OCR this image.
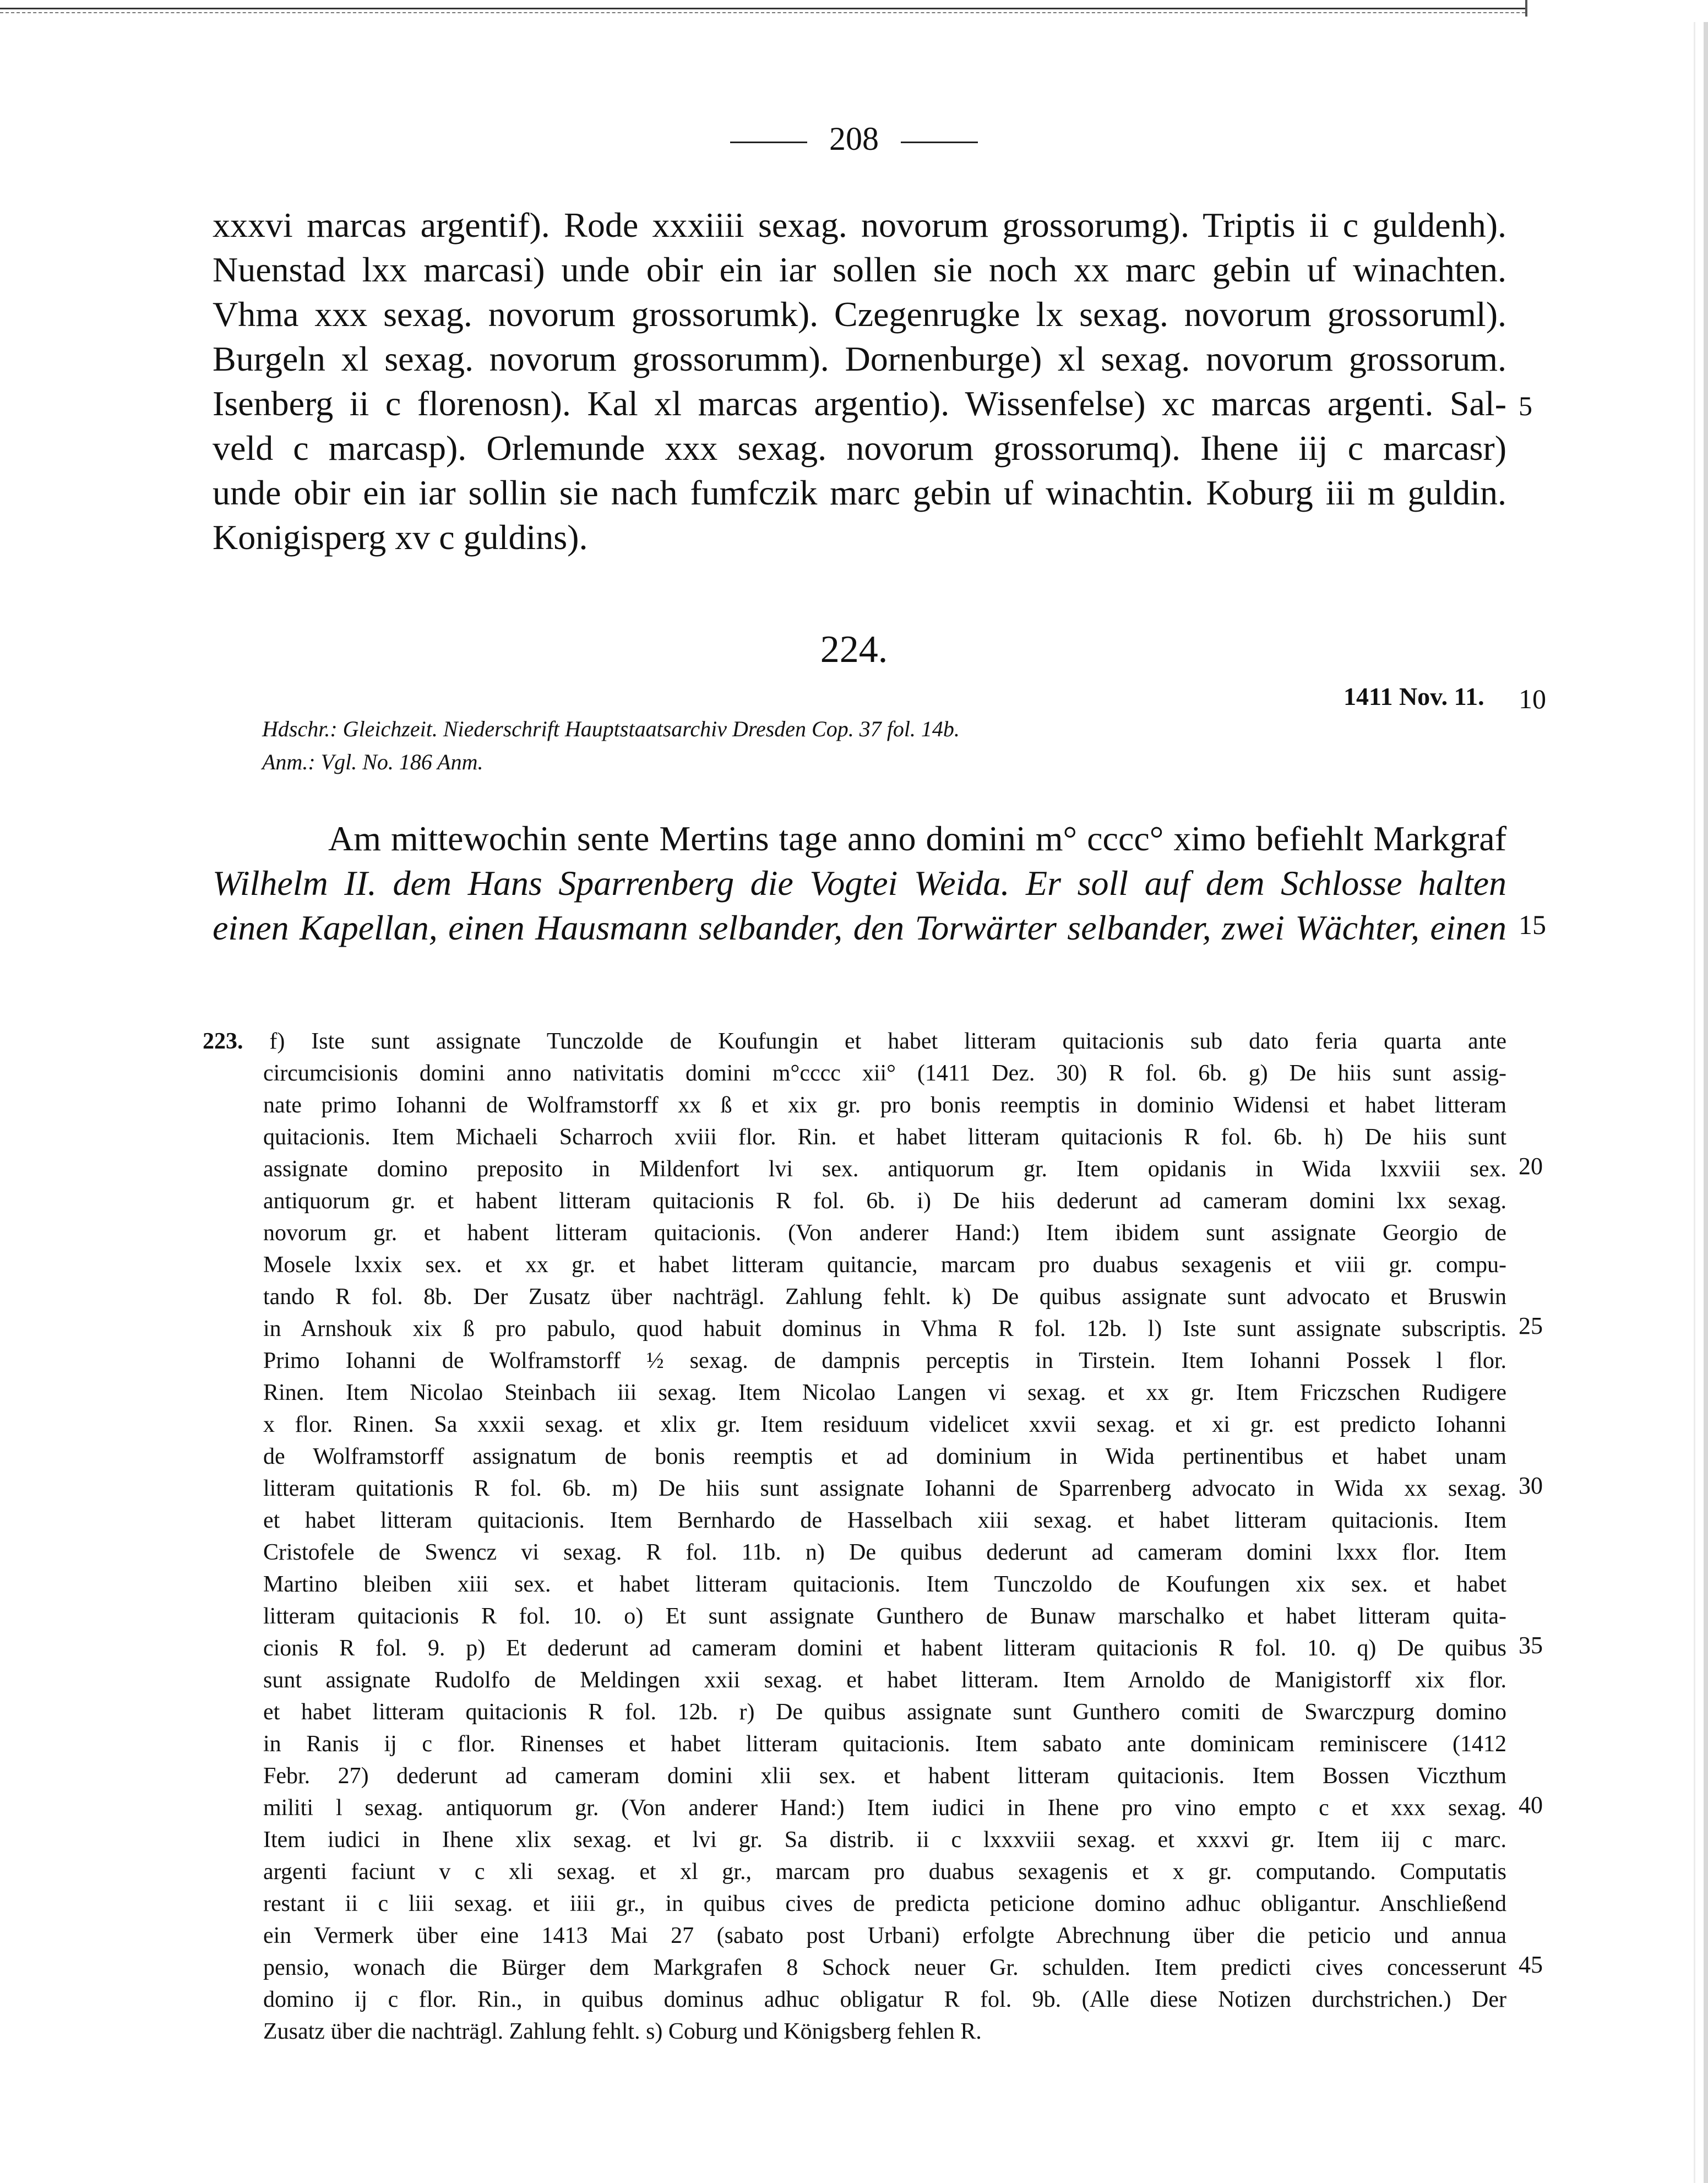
208
xxxvi marcas argentif). Rode xxxiiii sexag. novorum grossorumg). Triptis ii c guldenh).
Nuenstad lxx marcasi) unde obir ein iar sollen sie noch xx marc gebin uf winachten.
Vhma xxx sexag. novorum grossorumk). Czegenrugke lx sexag. novorum grossoruml).
Burgeln xl sexag. novorum grossorumm). Dornenburge) xl sexag. novorum grossorum.
Isenberg ii c florenosn). Kal xl marcas argentio). Wissenfelse) xc marcas argenti. Sal-
veld c marcasp). Orlemunde xxx sexag. novorum grossorumq). Ihene iij c marcasr)
unde obir ein iar sollin sie nach fumfczik marc gebin uf winachtin. Koburg iii m guldin.
Konigisperg xv c guldins).
5
224.
1411 Nov. 11. 10
Hdschr.: Gleichzeit. Niederschrift Hauptstaatsarchiv Dresden Cop. 37 fol. 14b.
Anm.: Vgl. No. 186 Anm.
Am mittewochin sente Mertins tage anno domini m° cccc° ximo befiehlt Markgraf
Wilhelm II. dem Hans Sparrenberg die Vogtei Weida. Er soll auf dem Schlosse halten
einen Kapellan, einen Hausmann selbander, den Torwärter selbander, zwei Wächter, einen 15
223. f) Iste sunt assignate Tunczolde de Koufungin et habet litteram quitacionis sub dato feria quarta ante
circumcisionis domini anno nativitatis domini m°cccc xii° (1411 Dez. 30) R fol. 6b. g) De hiis sunt assig-
nate primo Iohanni de Wolframstorff xx ß et xix gr. pro bonis reemptis in dominio Widensi et habet litteram
quitacionis. Item Michaeli Scharroch xviii flor. Rin. et habet litteram quitacionis R fol. 6b. h) De hiis sunt
assignate domino preposito in Mildenfort lvi sex. antiquorum gr. Item opidanis in Wida lxxviii sex.
antiquorum gr. et habent litteram quitacionis R fol. 6b. i) De hiis dederunt ad cameram domini lxx sexag.
novorum gr. et habent litteram quitacionis. (Von anderer Hand:) Item ibidem sunt assignate Georgio de
Mosele lxxix sex. et xx gr. et habet litteram quitancie, marcam pro duabus sexagenis et viii gr. compu-
tando R fol. 8b. Der Zusatz über nachträgl. Zahlung fehlt. k) De quibus assignate sunt advocato et Bruswin
in Arnshouk xix ß pro pabulo, quod habuit dominus in Vhma R fol. 12b. l) Iste sunt assignate subscriptis.
Primo Iohanni de Wolframstorff ½ sexag. de dampnis perceptis in Tirstein. Item Iohanni Possek l flor.
Rinen. Item Nicolao Steinbach iii sexag. Item Nicolao Langen vi sexag. et xx gr. Item Friczschen Rudigere
x flor. Rinen. Sa xxxii sexag. et xlix gr. Item residuum videlicet xxvii sexag. et xi gr. est predicto Iohanni
de Wolframstorff assignatum de bonis reemptis et ad dominium in Wida pertinentibus et habet unam
litteram quitationis R fol. 6b. m) De hiis sunt assignate Iohanni de Sparrenberg advocato in Wida xx sexag.
et habet litteram quitacionis. Item Bernhardo de Hasselbach xiii sexag. et habet litteram quitacionis. Item
Cristofele de Swencz vi sexag. R fol. 11b. n) De quibus dederunt ad cameram domini lxxx flor. Item
Martino bleiben xiii sex. et habet litteram quitacionis. Item Tunczoldo de Koufungen xix sex. et habet
litteram quitacionis R fol. 10. o) Et sunt assignate Gunthero de Bunaw marschalko et habet litteram quita-
cionis R fol. 9. p) Et dederunt ad cameram domini et habent litteram quitacionis R fol. 10. q) De quibus
sunt assignate Rudolfo de Meldingen xxii sexag. et habet litteram. Item Arnoldo de Manigistorff xix flor.
et habet litteram quitacionis R fol. 12b. r) De quibus assignate sunt Gunthero comiti de Swarczpurg domino
in Ranis ij c flor. Rinenses et habet litteram quitacionis. Item sabato ante dominicam reminiscere (1412
Febr. 27) dederunt ad cameram domini xlii sex. et habent litteram quitacionis. Item Bossen Viczthum
militi l sexag. antiquorum gr. (Von anderer Hand:) Item iudici in Ihene pro vino empto c et xxx sexag.
Item iudici in Ihene xlix sexag. et lvi gr. Sa distrib. ii c lxxxviii sexag. et xxxvi gr. Item iij c marc.
argenti faciunt v c xli sexag. et xl gr., marcam pro duabus sexagenis et x gr. computando. Computatis
restant ii c liii sexag. et iiii gr., in quibus cives de predicta peticione domino adhuc obligantur. Anschließend
ein Vermerk über eine 1413 Mai 27 (sabato post Urbani) erfolgte Abrechnung über die peticio und annua
pensio, wonach die Bürger dem Markgrafen 8 Schock neuer Gr. schulden. Item predicti cives concesserunt
domino ij c flor. Rin., in quibus dominus adhuc obligatur R fol. 9b. (Alle diese Notizen durchstrichen.) Der
Zusatz über die nachträgl. Zahlung fehlt. s) Coburg und Königsberg fehlen R.
20
25
30
35
40
45
